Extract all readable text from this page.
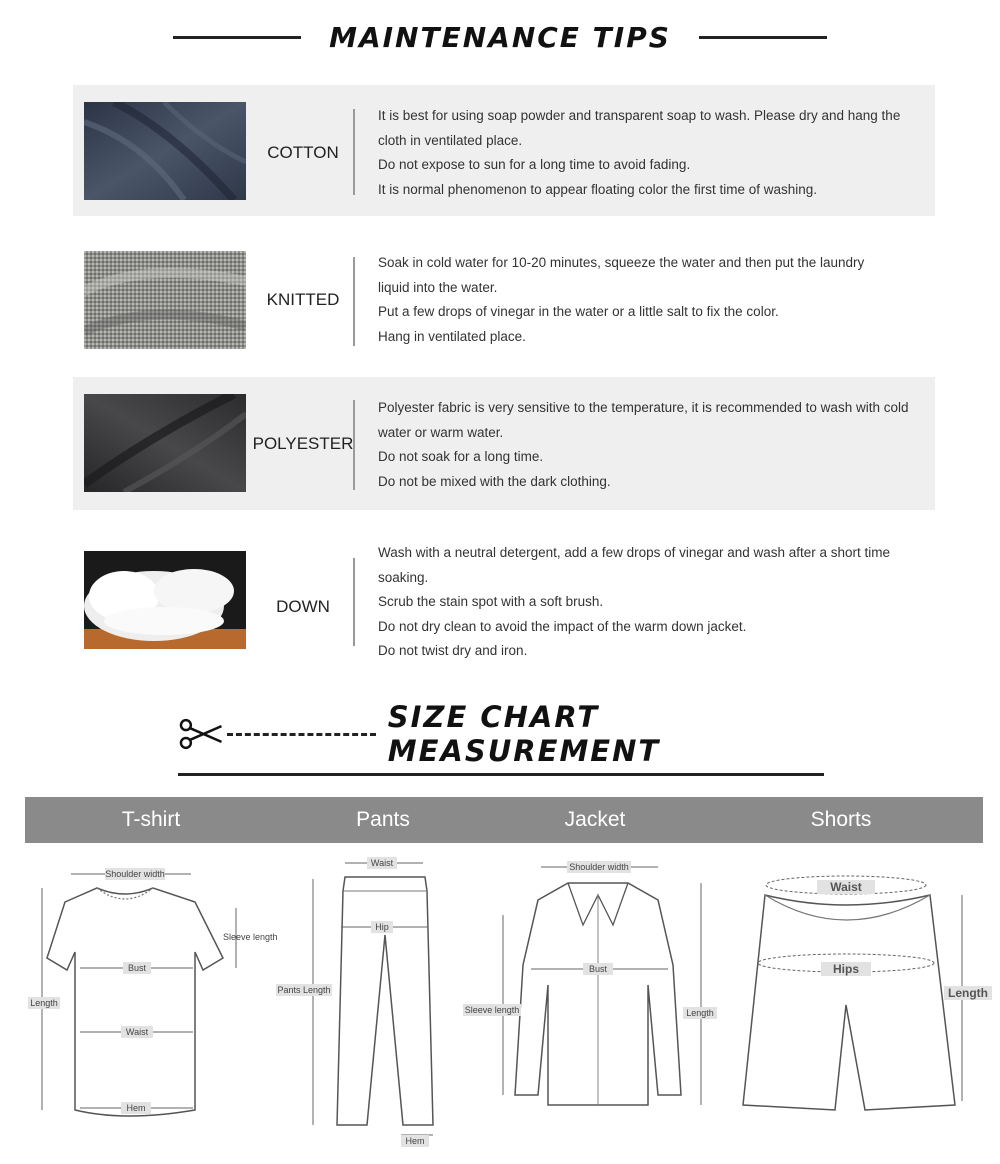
MAINTENANCE TIPS
COTTON

It is best for using soap powder and transparent soap to wash. Please dry and hang the

cloth in ventilated place.

Do not expose to sun for a long time to avoid fading.

It is normal phenomenon to appear floating color the first time of washing.

KNITTED

Soak in cold water for 10-20 minutes, squeeze the water and then put the laundry

liquid into the water.

Put a few drops of vinegar in the water or a little salt to fix the color.

Hang in ventilated place.

POLYESTER

Polyester fabric is very sensitive to the temperature, it is recommended to wash with cold

water or warm water.

Do not soak for a long time.

Do not be mixed with the dark clothing.

DOWN

Wash with a neutral detergent, add a few drops of vinegar and wash after a short time

soaking.

Scrub the stain spot with a soft brush.

Do not dry clean to avoid the impact of the warm down jacket.

Do not twist dry and iron.

SIZE CHART MEASUREMENT
T-shirt	Pants	Jacket	Shorts
Shoulder width
Sleeve length
Bust
Length
Waist
Hem
Waist
Hip
Pants Length
Hem
Shoulder width
Bust
Sleeve length	Length
Waist
Hips
Length
